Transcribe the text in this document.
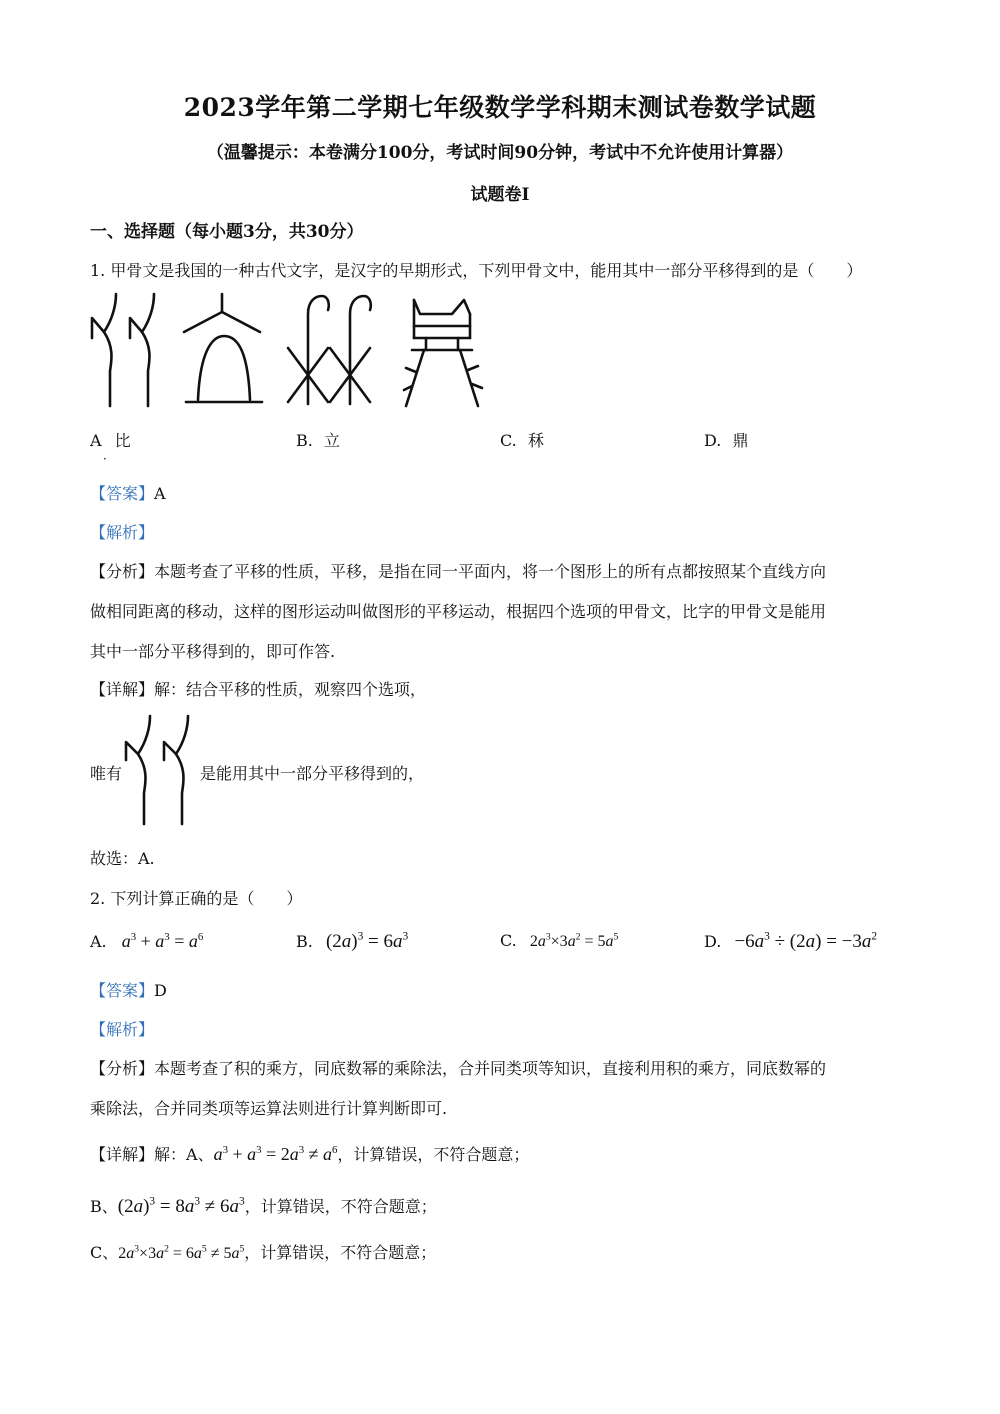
2023学年第二学期七年级数学学科期末测试卷数学试题
（温馨提示：本卷满分100分，考试时间90分钟，考试中不允许使用计算器）
试题卷I
一、选择题（每小题3分，共30分）
1. 甲骨文是我国的一种古代文字，是汉字的早期形式，下列甲骨文中，能用其中一部分平移得到的是（　　）
A 比
·
B. 立	C. 秝	D. 鼎
【答案】A
【解析】
【分析】本题考查了平移的性质，平移，是指在同一平面内，将一个图形上的所有点都按照某个直线方向
做相同距离的移动，这样的图形运动叫做图形的平移运动，根据四个选项的甲骨文，比字的甲骨文是能用
其中一部分平移得到的，即可作答.
【详解】解：结合平移的性质，观察四个选项，
唯有	是能用其中一部分平移得到的，
故选：A.
2. 下列计算正确的是（　　）
A. $a^3 + a^3 = a^6$	B. $(2a)^3 = 6a^3$	C. $2a^3\times 3a^2 = 5a^5$	D. $-6a^3 \div (2a) = -3a^2$
【答案】D
【解析】
【分析】本题考查了积的乘方，同底数幂的乘除法，合并同类项等知识，直接利用积的乘方，同底数幂的
乘除法，合并同类项等运算法则进行计算判断即可.
【详解】解：A、$a^3 + a^3 = 2a^3 \ne a^6$，计算错误，不符合题意；
B、$(2a)^3 = 8a^3 \ne 6a^3$，计算错误，不符合题意；
C、$2a^3\times 3a^2 = 6a^5 \ne 5a^5$，计算错误，不符合题意；
